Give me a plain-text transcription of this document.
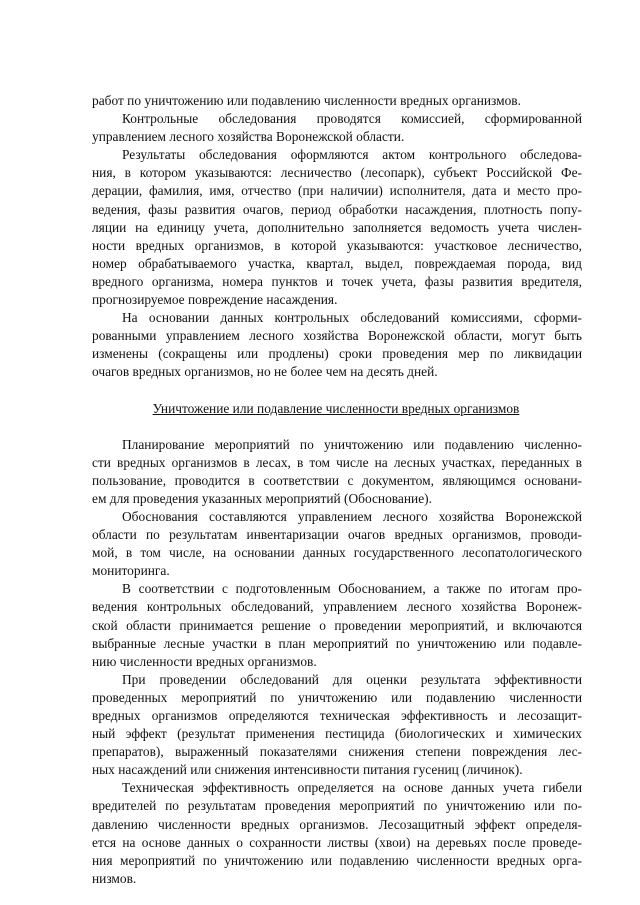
работ по уничтожению или подавлению численности вредных организмов.
Контрольные обследования проводятся комиссией, сформированной
управлением лесного хозяйства Воронежской области.
Результаты обследования оформляются актом контрольного обследова-
ния, в котором указываются: лесничество (лесопарк), субъект Российской Фе-
дерации, фамилия, имя, отчество (при наличии) исполнителя, дата и место про-
ведения, фазы развития очагов, период обработки насаждения, плотность попу-
ляции на единицу учета, дополнительно заполняется ведомость учета числен-
ности вредных организмов, в которой указываются: участковое лесничество,
номер обрабатываемого участка, квартал, выдел, повреждаемая порода, вид
вредного организма, номера пунктов и точек учета, фазы развития вредителя,
прогнозируемое повреждение насаждения.
На основании данных контрольных обследований комиссиями, сформи-
рованными управлением лесного хозяйства Воронежской области, могут быть
изменены (сокращены или продлены) сроки проведения мер по ликвидации
очагов вредных организмов, но не более чем на десять дней.
Уничтожение или подавление численности вредных организмов
Планирование мероприятий по уничтожению или подавлению численно-
сти вредных организмов в лесах, в том числе на лесных участках, переданных в
пользование, проводится в соответствии с документом, являющимся основани-
ем для проведения указанных мероприятий (Обоснование).
Обоснования составляются управлением лесного хозяйства Воронежской
области по результатам инвентаризации очагов вредных организмов, проводи-
мой, в том числе, на основании данных государственного лесопатологического
мониторинга.
В соответствии с подготовленным Обоснованием, а также по итогам про-
ведения контрольных обследований, управлением лесного хозяйства Воронеж-
ской области принимается решение о проведении мероприятий, и включаются
выбранные лесные участки в план мероприятий по уничтожению или подавле-
нию численности вредных организмов.
При проведении обследований для оценки результата эффективности
проведенных мероприятий по уничтожению или подавлению численности
вредных организмов определяются техническая эффективность и лесозащит-
ный эффект (результат применения пестицида (биологических и химических
препаратов), выраженный показателями снижения степени повреждения лес-
ных насаждений или снижения интенсивности питания гусениц (личинок).
Техническая эффективность определяется на основе данных учета гибели
вредителей по результатам проведения мероприятий по уничтожению или по-
давлению численности вредных организмов. Лесозащитный эффект определя-
ется на основе данных о сохранности листвы (хвои) на деревьях после проведе-
ния мероприятий по уничтожению или подавлению численности вредных орга-
низмов.
